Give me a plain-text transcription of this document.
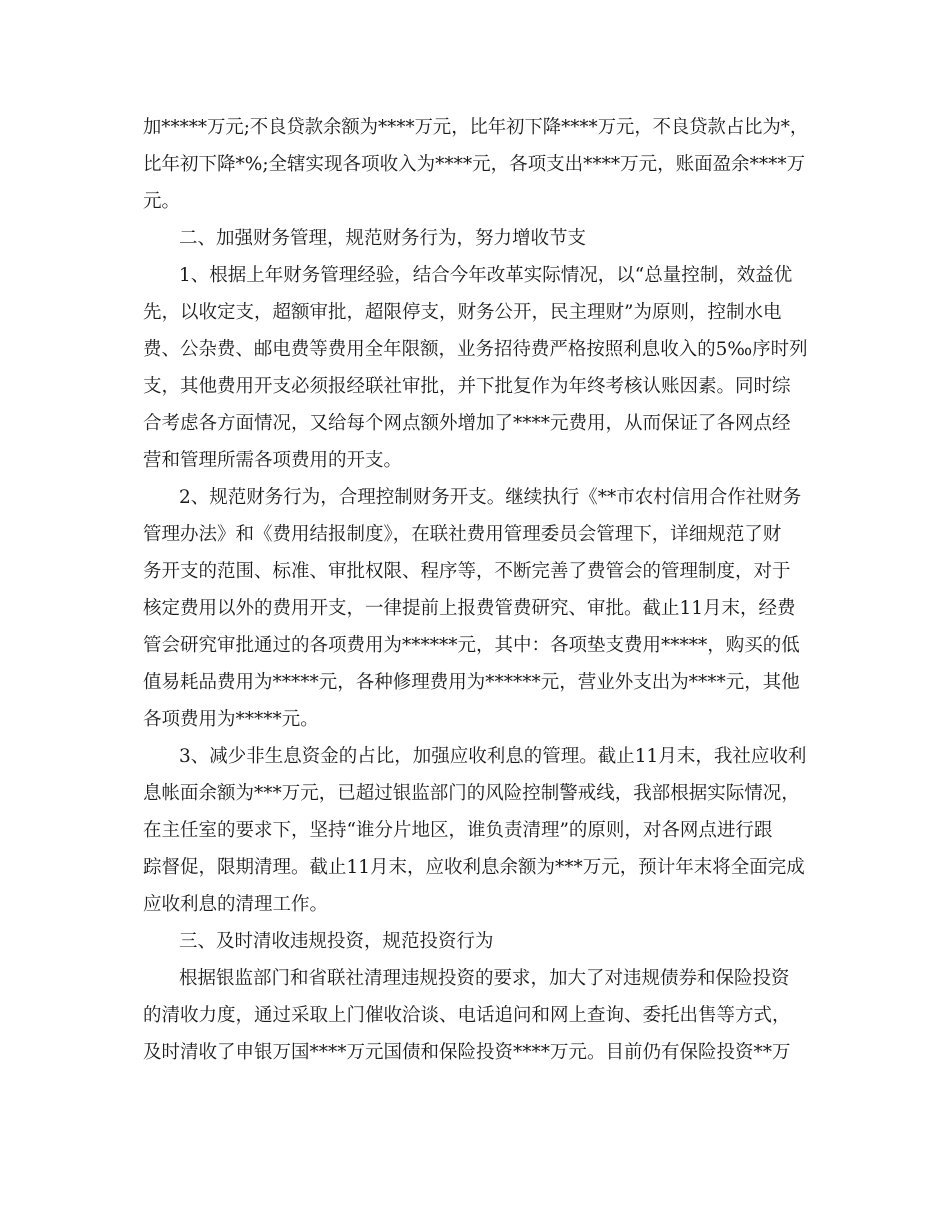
加*****万元;不良贷款余额为****万元，比年初下降****万元，不良贷款占比为*，
比年初下降*%;全辖实现各项收入为****元，各项支出****万元，账面盈余****万
元。
二、加强财务管理，规范财务行为，努力增收节支
1、根据上年财务管理经验，结合今年改革实际情况，以“总量控制，效益优
先，以收定支，超额审批，超限停支，财务公开，民主理财”为原则，控制水电
费、公杂费、邮电费等费用全年限额，业务招待费严格按照利息收入的5‰序时列
支，其他费用开支必须报经联社审批，并下批复作为年终考核认账因素。同时综
合考虑各方面情况，又给每个网点额外增加了****元费用，从而保证了各网点经
营和管理所需各项费用的开支。
2、规范财务行为，合理控制财务开支。继续执行《**市农村信用合作社财务
管理办法》和《费用结报制度》，在联社费用管理委员会管理下，详细规范了财
务开支的范围、标准、审批权限、程序等，不断完善了费管会的管理制度，对于
核定费用以外的费用开支，一律提前上报费管费研究、审批。截止11月末，经费
管会研究审批通过的各项费用为******元，其中：各项垫支费用*****，购买的低
值易耗品费用为*****元，各种修理费用为******元，营业外支出为****元，其他
各项费用为*****元。
3、减少非生息资金的占比，加强应收利息的管理。截止11月末，我社应收利
息帐面余额为***万元，已超过银监部门的风险控制警戒线，我部根据实际情况，
在主任室的要求下，坚持“谁分片地区，谁负责清理”的原则，对各网点进行跟
踪督促，限期清理。截止11月末，应收利息余额为***万元，预计年末将全面完成
应收利息的清理工作。
三、及时清收违规投资，规范投资行为
根据银监部门和省联社清理违规投资的要求，加大了对违规债券和保险投资
的清收力度，通过采取上门催收洽谈、电话追问和网上查询、委托出售等方式，
及时清收了申银万国****万元国债和保险投资****万元。目前仍有保险投资**万
